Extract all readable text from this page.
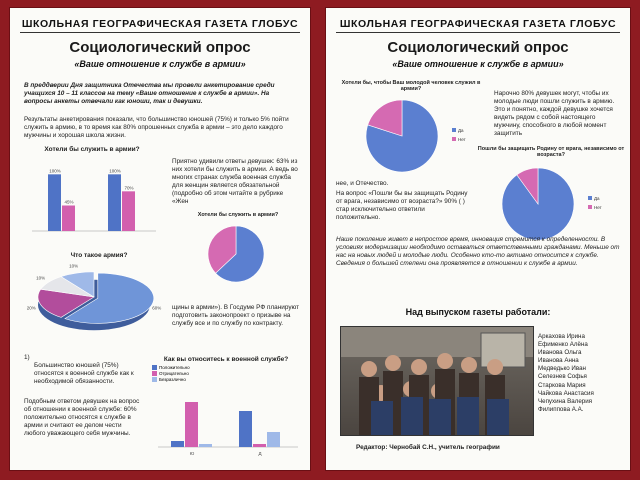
ШКОЛЬНАЯ ГЕОГРАФИЧЕСКАЯ ГАЗЕТА ГЛОБУС
Социологический опрос
«Ваше отношение к службе в армии»
В преддверии Дня защитника Отечества мы провели анкетирование среди учащихся 10 – 11 классов на тему «Ваше отношение к службе в армии». На вопросы анкеты отвечали как юноши, так и девушки.
Результаты анкетирования показали, что большинство юношей (75%) и только 5% пойти служить в армию, в то время как 80% опрошенных служба в армии – это дело каждого мужчины и хорошая школа жизни.
Хотели бы служить в армии?
100%
45%
100%
70%
Приятно удивили ответы девушек: 63% из них хотели бы служить в армии. А ведь во многих странах служба военная служба для женщин является обязательной (подробно об этом читайте в рубрике «Жен
Хотели бы служить в армии?
щины в армии»). В Госдуме РФ планируют подготовить законопроект о призыве на службу все и по службу по контракту.
Что такое армия?
60%
20%
10%
10%
1)
Большинство юношей (75%) относятся к военной службе как к необходимой обязанности.
Подобным ответом девушек на вопрос об отношении к военной службе: 60% положительно относятся к службе в армии и считают ее делом чести любого уважающего себя мужчины.
Как вы относитесь к военной службе?
Положительно
Отрицательно
Безразлично
Ю	Д
ШКОЛЬНАЯ ГЕОГРАФИЧЕСКАЯ ГАЗЕТА ГЛОБУС
Социологический опрос
«Ваше отношение к службе в армии»
Хотели бы, чтобы Ваш молодой человек служил в армии?
Да
Нет
Нарочно 80% девушек могут, чтобы их молодые люди пошли служить в армию. Это и понятно, каждой девушке хочется видеть рядом с собой настоящего мужчину, способного в любой момент защитить
Пошли бы защищать Родину от врага, независимо от возраста?
Да
Нет
нее, и Отечество.
На вопрос «Пошли бы вы защищать Родину от врага, независимо от возраста?» 90% ( ) стар исключительно ответили положительно.
Наше поколение живет в непростое время, инновация стремится к определенности. В условиях модернизации необходимо оставаться ответственными гражданами. Меньше от нас на новых людей и молодые люди. Особенно кто-то активно относится к службе. Сведения о большей степени она проявляется в отношении к службе в армии.
Над выпуском газеты работали:
Аркахова Ирина
Ефименко Алёна
Иванова Ольга
Иванова Анна
Медведько Иван
Селезнев Софья
Старкова Мария
Чайкова Анастасия
Чепухина Валерия
Филиппова А.А.
Редактор: Чернобай С.Н., учитель географии
